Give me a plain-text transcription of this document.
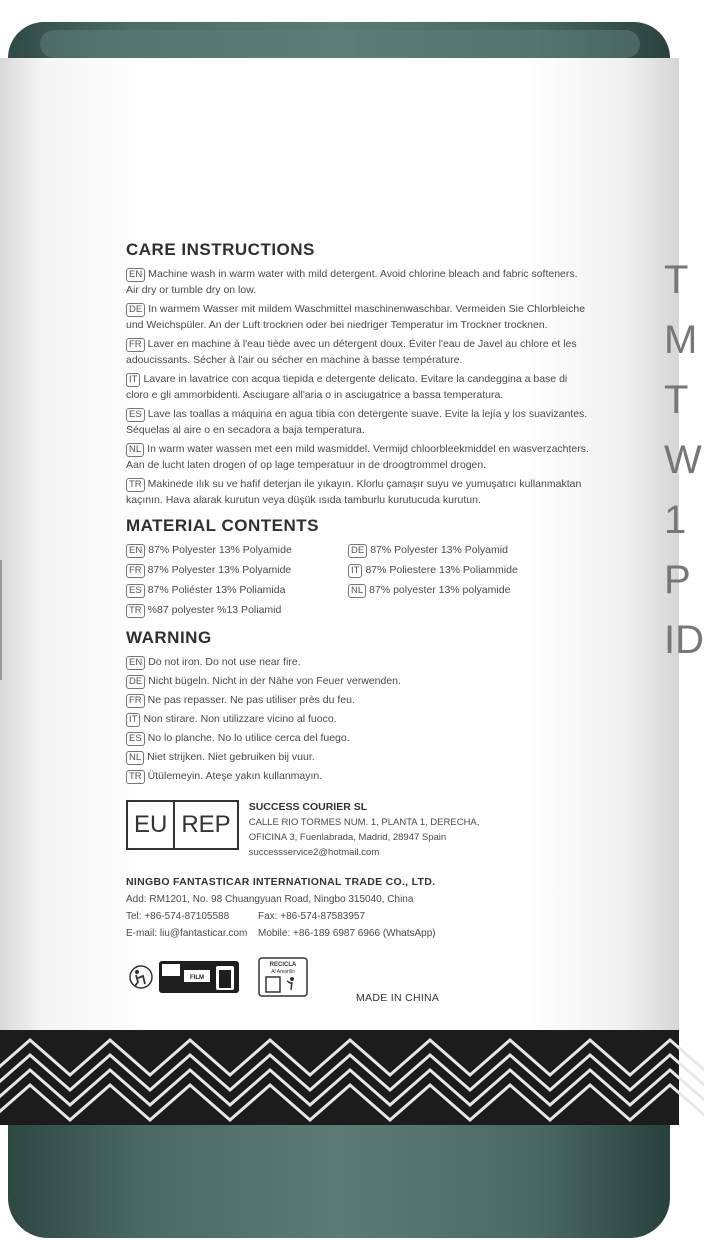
CARE INSTRUCTIONS
EN Machine wash in warm water with mild detergent. Avoid chlorine bleach and fabric softeners.
Air dry or tumble dry on low.
DE In warmem Wasser mit mildem Waschmittel maschinenwaschbar. Vermeiden Sie Chlorbleiche
und Weichspüler. An der Luft trocknen oder bei niedriger Temperatur im Trockner trocknen.
FR Laver en machine à l'eau tiède avec un détergent doux. Éviter l'eau de Javel au chlore et les
adoucissants. Sécher à l'air ou sécher en machine à basse température.
IT Lavare in lavatrice con acqua tiepida e detergente delicato. Evitare la candeggina a base di
cloro e gli ammorbidenti. Asciugare all'aria o in asciugatrice a bassa temperatura.
ES Lave las toallas a máquina en agua tibia con detergente suave. Evite la lejía y los suavizantes.
Séquelas al aire o en secadora a baja temperatura.
NL In warm water wassen met een mild wasmiddel. Vermijd chloorbleekmiddel en wasverzachters.
Aan de lucht laten drogen of op lage temperatuur in de droogtrommel drogen.
TR Makinede ılık su ve hafif deterjan ile yıkayın. Klorlu çamaşır suyu ve yumuşatıcı kullanmaktan
kaçının. Hava alarak kurutun veya düşük ısıda tamburlu kurutucuda kurutun.
MATERIAL CONTENTS
EN 87% Polyester 13% Polyamide
FR 87% Polyester 13% Polyamide
ES 87% Poliéster 13% Poliamida
TR %87 polyester %13 Poliamid
DE 87% Polyester 13% Polyamid
IT 87% Poliestere 13% Poliammide
NL 87% polyester 13% polyamide
WARNING
EN Do not iron. Do not use near fire.
DE Nicht bügeln. Nicht in der Nähe von Feuer verwenden.
FR Ne pas repasser. Ne pas utiliser près du feu.
IT Non stirare. Non utilizzare vicino al fuoco.
ES No lo planche. No lo utilice cerca del fuego.
NL Niet strijken. Niet gebruiken bij vuur.
TR Ütülemeyin. Ateşe yakın kullanmayın.
EU REP
SUCCESS COURIER SL
CALLE RIO TORMES NUM. 1, PLANTA 1, DERECHA,
OFICINA 3, Fuenlabrada, Madrid, 28947 Spain
successservice2@hotmail.com
NINGBO FANTASTICAR INTERNATIONAL TRADE CO., LTD.
Add: RM1201, No. 98 Chuangyuan Road, Ningbo 315040, China
Tel: +86-574-87105588	Fax: +86-574-87583957
E-mail: liu@fantasticar.com	Mobile: +86-189 6987 6966 (WhatsApp)
FILM
RECICLA
Al Amarillo
MADE IN CHINA
T
M
T
W
1
P
ID
